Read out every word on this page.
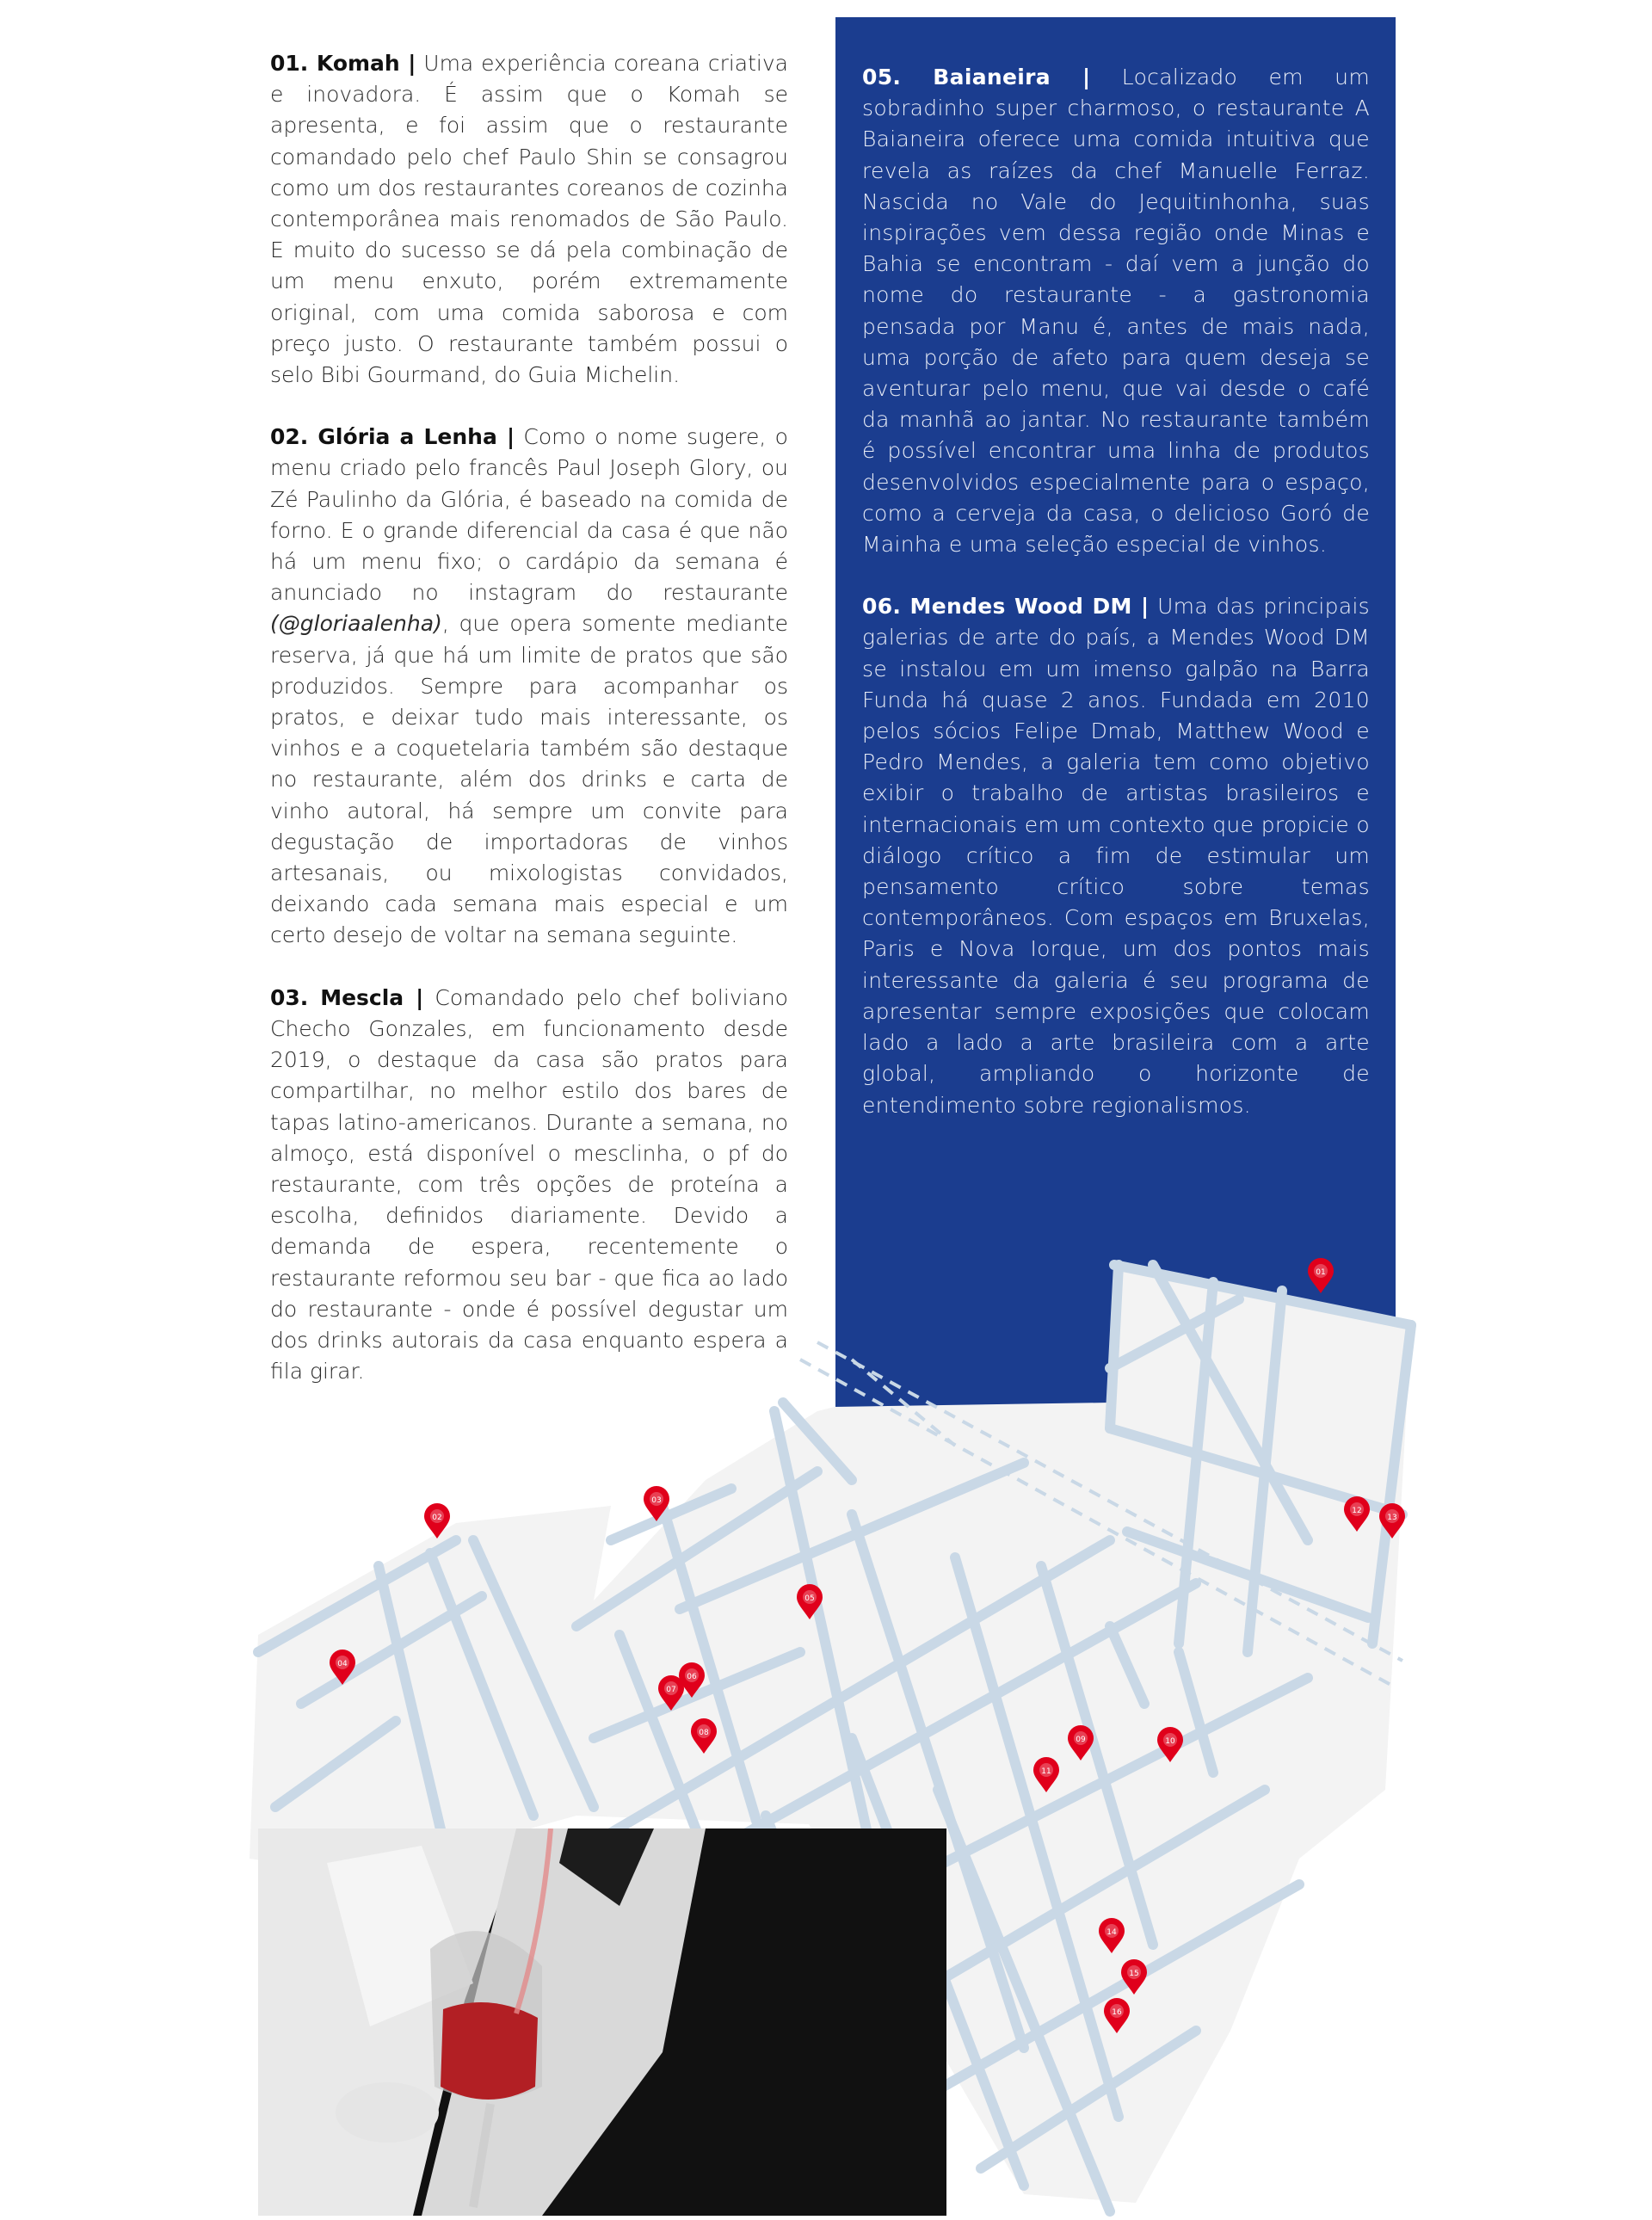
01. Komah | Uma experiência coreana criativa e inovadora. É assim que o Komah se apresenta, e foi assim que o restaurante comandado pelo chef Paulo Shin se consagrou como um dos restaurantes coreanos de cozinha contemporânea mais renomados de São Paulo. E muito do sucesso se dá pela combinação de um menu enxuto, porém extremamente original, com uma comida saborosa e com preço justo. O restaurante também possui o selo Bibi Gourmand, do Guia Michelin.

02. Glória a Lenha | Como o nome sugere, o menu criado pelo francês Paul Joseph Glory, ou Zé Paulinho da Glória, é baseado na comida de forno. E o grande diferencial da casa é que não há um menu fixo; o cardápio da semana é anunciado no instagram do restaurante (@gloriaalenha), que opera somente mediante reserva, já que há um limite de pratos que são produzidos. Sempre para acompanhar os pratos, e deixar tudo mais interessante, os vinhos e a coquetelaria também são destaque no restaurante, além dos drinks e carta de vinho autoral, há sempre um convite para degustação de importadoras de vinhos artesanais, ou mixologistas convidados, deixando cada semana mais especial e um certo desejo de voltar na semana seguinte.

03. Mescla | Comandado pelo chef boliviano Checho Gonzales, em funcionamento desde 2019, o destaque da casa são pratos para compartilhar, no melhor estilo dos bares de tapas latino-americanos. Durante a semana, no almoço, está disponível o mesclinha, o pf do restaurante, com três opções de proteína a escolha, definidos diariamente. Devido a demanda de espera, recentemente o restaurante reformou seu bar - que fica ao lado do restaurante - onde é possível degustar um dos drinks autorais da casa enquanto espera a fila girar.

05. Baianeira | Localizado em um sobradinho super charmoso, o restaurante A Baianeira oferece uma comida intuitiva que revela as raízes da chef Manuelle Ferraz. Nascida no Vale do Jequitinhonha, suas inspirações vem dessa região onde Minas e Bahia se encontram - daí vem a junção do nome do restaurante - a gastronomia pensada por Manu é, antes de mais nada, uma porção de afeto para quem deseja se aventurar pelo menu, que vai desde o café da manhã ao jantar. No restaurante também é possível encontrar uma linha de produtos desenvolvidos especialmente para o espaço, como a cerveja da casa, o delicioso Goró de Mainha e uma seleção especial de vinhos.

06. Mendes Wood DM | Uma das principais galerias de arte do país, a Mendes Wood DM se instalou em um imenso galpão na Barra Funda há quase 2 anos. Fundada em 2010 pelos sócios Felipe Dmab, Matthew Wood e Pedro Mendes, a galeria tem como objetivo exibir o trabalho de artistas brasileiros e internacionais em um contexto que propicie o diálogo crítico a fim de estimular um pensamento crítico sobre temas contemporâneos. Com espaços em Bruxelas, Paris e Nova Iorque, um dos pontos mais interessante da galeria é seu programa de apresentar sempre exposições que colocam lado a lado a arte brasileira com a arte global, ampliando o horizonte de entendimento sobre regionalismos.

01
02
03
04
05
06
07
08
09	10
11
12
13
14
15
16
